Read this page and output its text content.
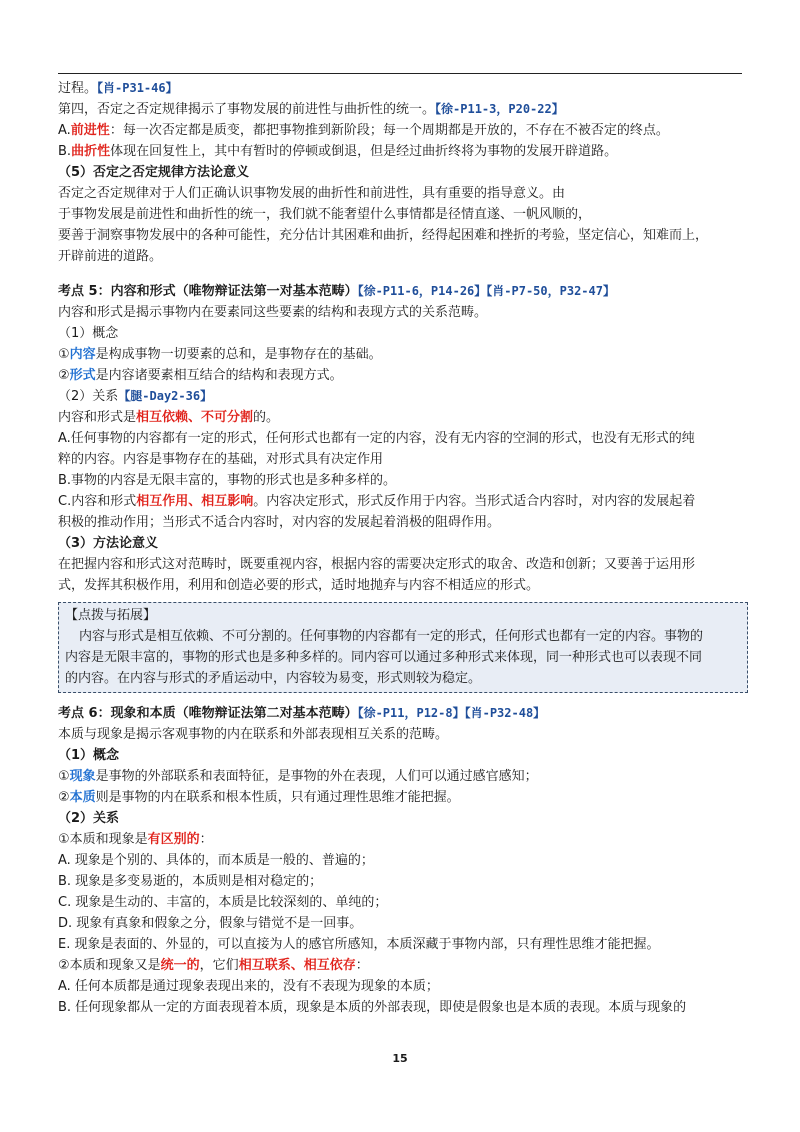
过程。【肖-P31-46】
第四，否定之否定规律揭示了事物发展的前进性与曲折性的统一。【徐-P11-3，P20-22】
A.前进性：每一次否定都是质变，都把事物推到新阶段；每一个周期都是开放的，不存在不被否定的终点。
B.曲折性体现在回复性上，其中有暂时的停顿或倒退，但是经过曲折终将为事物的发展开辟道路。
（5）否定之否定规律方法论意义
否定之否定规律对于人们正确认识事物发展的曲折性和前进性，具有重要的指导意义。由
于事物发展是前进性和曲折性的统一，我们就不能奢望什么事情都是径情直遂、一帆风顺的，
要善于洞察事物发展中的各种可能性，充分估计其困难和曲折，经得起困难和挫折的考验，坚定信心，知难而上，
开辟前进的道路。
考点 5：内容和形式（唯物辩证法第一对基本范畴）【徐-P11-6，P14-26】【肖-P7-50，P32-47】
内容和形式是揭示事物内在要素同这些要素的结构和表现方式的关系范畴。
（1）概念
①内容是构成事物一切要素的总和，是事物存在的基础。
②形式是内容诸要素相互结合的结构和表现方式。
（2）关系【腿-Day2-36】
内容和形式是相互依赖、不可分割的。
A.任何事物的内容都有一定的形式，任何形式也都有一定的内容，没有无内容的空洞的形式，也没有无形式的纯
粹的内容。内容是事物存在的基础，对形式具有决定作用
B.事物的内容是无限丰富的，事物的形式也是多种多样的。
C.内容和形式相互作用、相互影响。内容决定形式，形式反作用于内容。当形式适合内容时，对内容的发展起着
积极的推动作用；当形式不适合内容时，对内容的发展起着消极的阻碍作用。
（3）方法论意义
在把握内容和形式这对范畴时，既要重视内容，根据内容的需要决定形式的取舍、改造和创新；又要善于运用形
式，发挥其积极作用，利用和创造必要的形式，适时地抛弃与内容不相适应的形式。
【点拨与拓展】
内容与形式是相互依赖、不可分割的。任何事物的内容都有一定的形式，任何形式也都有一定的内容。事物的
内容是无限丰富的，事物的形式也是多种多样的。同内容可以通过多种形式来体现，同一种形式也可以表现不同
的内容。在内容与形式的矛盾运动中，内容较为易变，形式则较为稳定。
考点 6：现象和本质（唯物辩证法第二对基本范畴）【徐-P11，P12-8】【肖-P32-48】
本质与现象是揭示客观事物的内在联系和外部表现相互关系的范畴。
（1）概念
①现象是事物的外部联系和表面特征，是事物的外在表现，人们可以通过感官感知；
②本质则是事物的内在联系和根本性质，只有通过理性思维才能把握。
（2）关系
①本质和现象是有区别的：
A. 现象是个别的、具体的，而本质是一般的、普遍的；
B. 现象是多变易逝的，本质则是相对稳定的；
C. 现象是生动的、丰富的，本质是比较深刻的、单纯的；
D. 现象有真象和假象之分，假象与错觉不是一回事。
E. 现象是表面的、外显的，可以直接为人的感官所感知，本质深藏于事物内部，只有理性思维才能把握。
②本质和现象又是统一的，它们相互联系、相互依存：
A. 任何本质都是通过现象表现出来的，没有不表现为现象的本质；
B. 任何现象都从一定的方面表现着本质，现象是本质的外部表现，即使是假象也是本质的表现。本质与现象的
15
